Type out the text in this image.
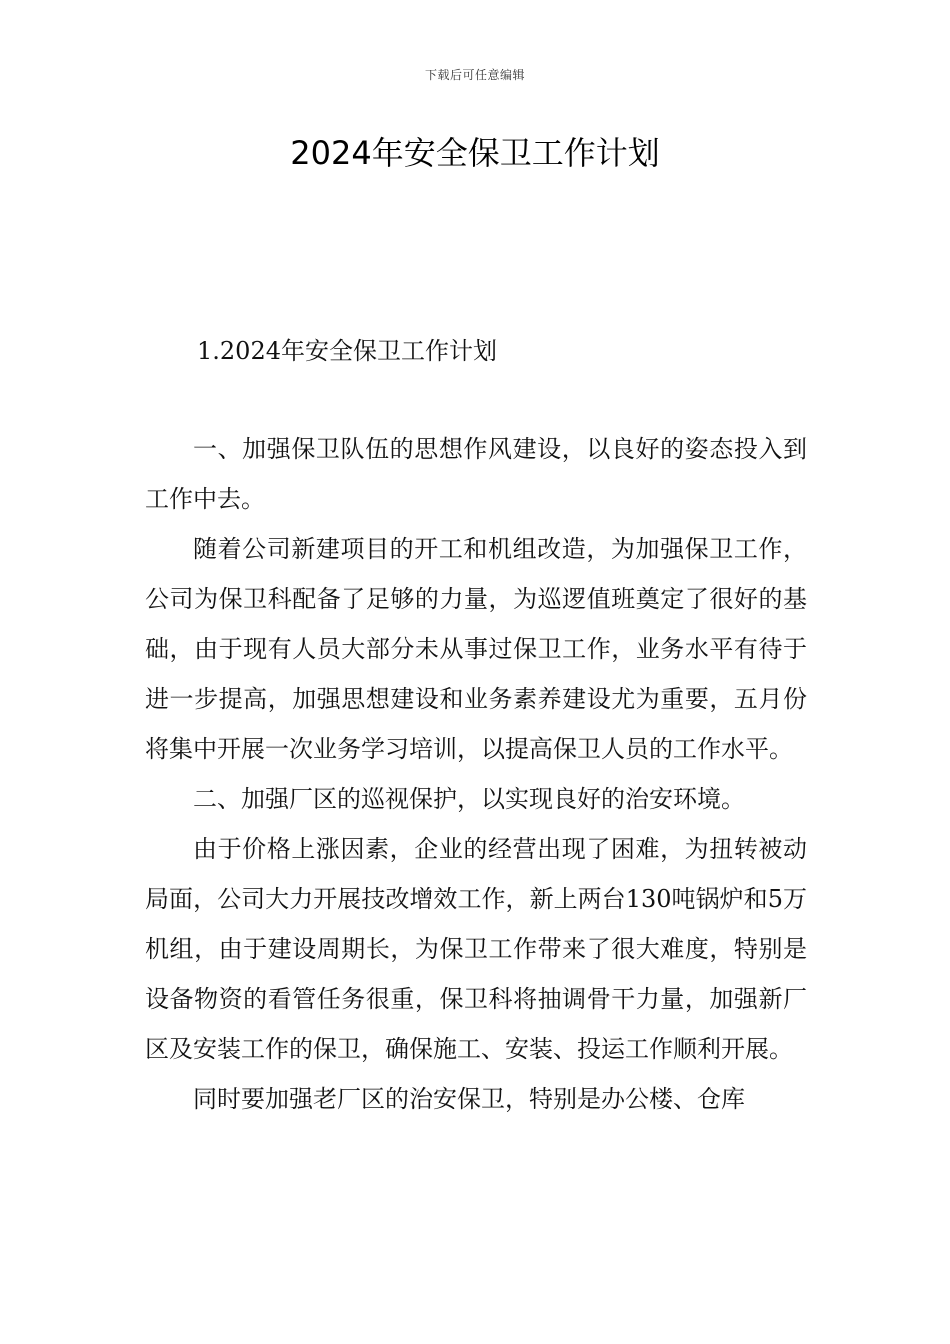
下载后可任意编辑
2024年安全保卫工作计划
1.2024年安全保卫工作计划

一、加强保卫队伍的思想作风建设，以良好的姿态投入到工作中去。

随着公司新建项目的开工和机组改造，为加强保卫工作，公司为保卫科配备了足够的力量，为巡逻值班奠定了很好的基础，由于现有人员大部分未从事过保卫工作，业务水平有待于进一步提高，加强思想建设和业务素养建设尤为重要，五月份将集中开展一次业务学习培训，以提高保卫人员的工作水平。

二、加强厂区的巡视保护，以实现良好的治安环境。

由于价格上涨因素，企业的经营出现了困难，为扭转被动局面，公司大力开展技改增效工作，新上两台130吨锅炉和5万机组，由于建设周期长，为保卫工作带来了很大难度，特别是设备物资的看管任务很重，保卫科将抽调骨干力量，加强新厂区及安装工作的保卫，确保施工、安装、投运工作顺利开展。

同时要加强老厂区的治安保卫，特别是办公楼、仓库
